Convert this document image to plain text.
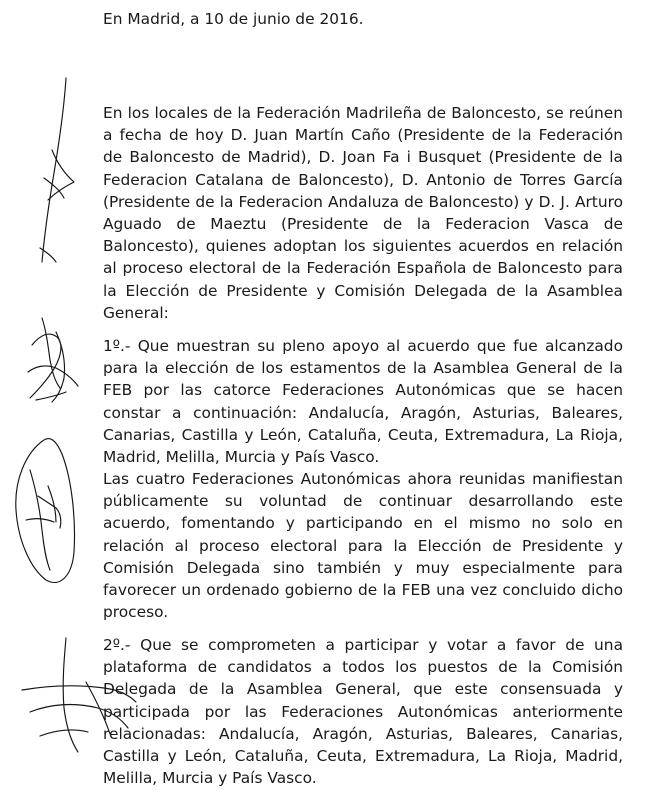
En Madrid, a 10 de junio de 2016.

En los locales de la Federación Madrileña de Baloncesto, se reúnen a fecha de hoy D. Juan Martín Caño (Presidente de la Federación de Baloncesto de Madrid), D. Joan Fa i Busquet (Presidente de la Federacion Catalana de Baloncesto), D. Antonio de Torres García (Presidente de la Federacion Andaluza de Baloncesto) y D. J. Arturo Aguado de Maeztu (Presidente de la Federacion Vasca de Baloncesto), quienes adoptan los siguientes acuerdos en relación al proceso electoral de la Federación Española de Baloncesto para la Elección de Presidente y Comisión Delegada de la Asamblea General:

1º.- Que muestran su pleno apoyo al acuerdo que fue alcanzado para la elección de los estamentos de la Asamblea General de la FEB por las catorce Federaciones Autonómicas que se hacen constar a continuación: Andalucía, Aragón, Asturias, Baleares, Canarias, Castilla y León, Cataluña, Ceuta, Extremadura, La Rioja, Madrid, Melilla, Murcia y País Vasco.

Las cuatro Federaciones Autonómicas ahora reunidas manifiestan públicamente su voluntad de continuar desarrollando este acuerdo, fomentando y participando en el mismo no solo en relación al proceso electoral para la Elección de Presidente y Comisión Delegada sino también y muy especialmente para favorecer un ordenado gobierno de la FEB una vez concluido dicho proceso.

2º.- Que se comprometen a participar y votar a favor de una plataforma de candidatos a todos los puestos de la Comisión Delegada de la Asamblea General, que este consensuada y participada por las Federaciones Autonómicas anteriormente relacionadas: Andalucía, Aragón, Asturias, Baleares, Canarias, Castilla y León, Cataluña, Ceuta, Extremadura, La Rioja, Madrid, Melilla, Murcia y País Vasco.
